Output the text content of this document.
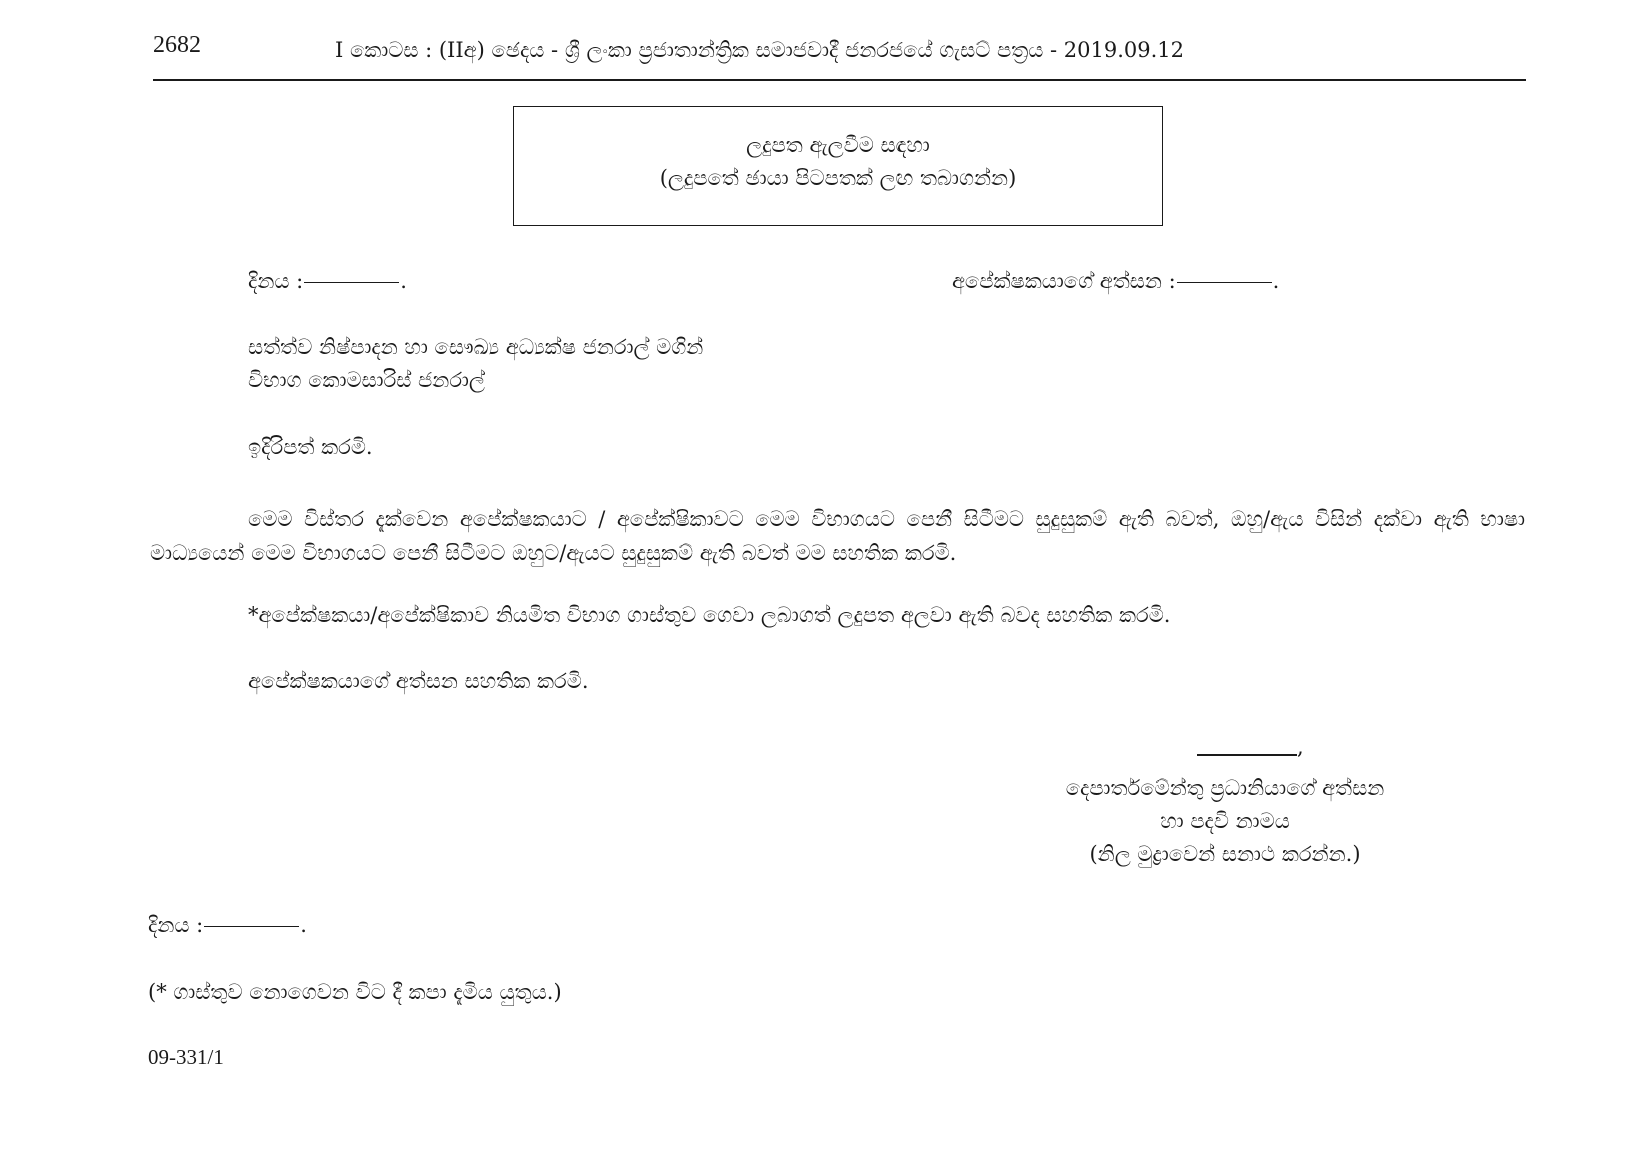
2682	I කොටස : (IIඅ) ඡෙදය - ශ්‍රී ලංකා ප්‍රජාතාන්ත්‍රික සමාජවාදී ජනරජයේ ගැසට් පත්‍රය - 2019.09.12
ලදුපත ඇලවීම සඳහා
(ලදුපතේ ඡායා පිටපතක් ලඟ තබාගන්න)
දිනය :	.	අපේක්ෂකයාගේ අත්සන :	.
සත්ත්ව නිෂ්පාදන හා සෞඛ්‍ය අධ්‍යක්ෂ ජනරාල් මගින්
විභාග කොමසාරිස් ජනරාල්
ඉදිරිපත් කරමි.
මෙම විස්තර දැක්වෙන අපේක්ෂකයාට / අපේක්ෂිකාවට මෙම විභාගයට පෙනී සිටීමට සුදුසුකම් ඇති බවත්, ඔහු/ඇය විසින් දක්වා ඇති භාෂා මාධ්‍යයෙන් මෙම විභාගයට පෙනී සිටීමට ඔහුට/ඇයට සුදුසුකම් ඇති බවත් මම සහතික කරමි.
*අපේක්ෂකයා/අපේක්ෂිකාව නියමිත විභාග ගාස්තුව ගෙවා ලබාගත් ලදුපත අලවා ඇති බවද සහතික කරමි.
අපේක්ෂකයාගේ අත්සන සහතික කරමි.
,
දෙපාර්තමේන්තු ප්‍රධානියාගේ අත්සන
හා පදවි නාමය
(නිල මුද්‍රාවෙන් සනාථ කරන්න.)
දිනය :	.
(* ගාස්තුව නොගෙවන විට දී කපා දැමිය යුතුය.)
09-331/1
